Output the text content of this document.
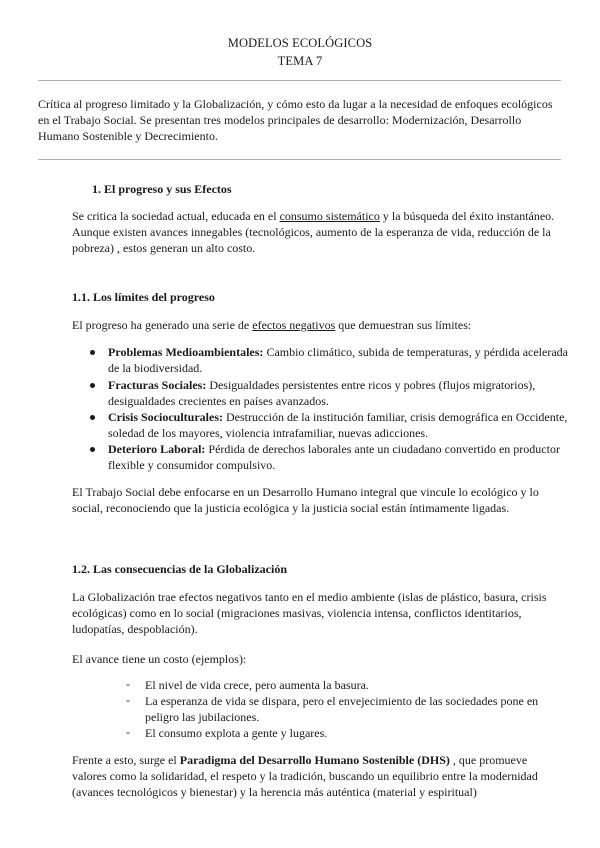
MODELOS ECOLÓGICOS
TEMA 7
Crítica al progreso limitado y la Globalización, y cómo esto da lugar a la necesidad de enfoques ecológicos en el Trabajo Social. Se presentan tres modelos principales de desarrollo: Modernización, Desarrollo Humano Sostenible y Decrecimiento.
1. El progreso y sus Efectos
Se critica la sociedad actual, educada en el consumo sistemático y la búsqueda del éxito instantáneo. Aunque existen avances innegables (tecnológicos, aumento de la esperanza de vida, reducción de la pobreza) , estos generan un alto costo.
1.1. Los límites del progreso
El progreso ha generado una serie de efectos negativos que demuestran sus límites:
Problemas Medioambientales: Cambio climático, subida de temperaturas, y pérdida acelerada de la biodiversidad.
Fracturas Sociales: Desigualdades persistentes entre ricos y pobres (flujos migratorios), desigualdades crecientes en países avanzados.
Crisis Socioculturales: Destrucción de la institución familiar, crisis demográfica en Occidente, soledad de los mayores, violencia intrafamiliar, nuevas adicciones.
Deterioro Laboral: Pérdida de derechos laborales ante un ciudadano convertido en productor flexible y consumidor compulsivo.
El Trabajo Social debe enfocarse en un Desarrollo Humano integral que vincule lo ecológico y lo social, reconociendo que la justicia ecológica y la justicia social están íntimamente ligadas.
1.2. Las consecuencias de la Globalización
La Globalización trae efectos negativos tanto en el medio ambiente (islas de plástico, basura, crisis ecológicas) como en lo social (migraciones masivas, violencia intensa, conflictos identitarios, ludopatías, despoblación).
El avance tiene un costo (ejemplos):
- El nivel de vida crece, pero aumenta la basura.
- La esperanza de vida se dispara, pero el envejecimiento de las sociedades pone en peligro las jubilaciones.
- El consumo explota a gente y lugares.
Frente a esto, surge el Paradigma del Desarrollo Humano Sostenible (DHS) , que promueve valores como la solidaridad, el respeto y la tradición, buscando un equilibrio entre la modernidad (avances tecnológicos y bienestar) y la herencia más auténtica (material y espiritual)
